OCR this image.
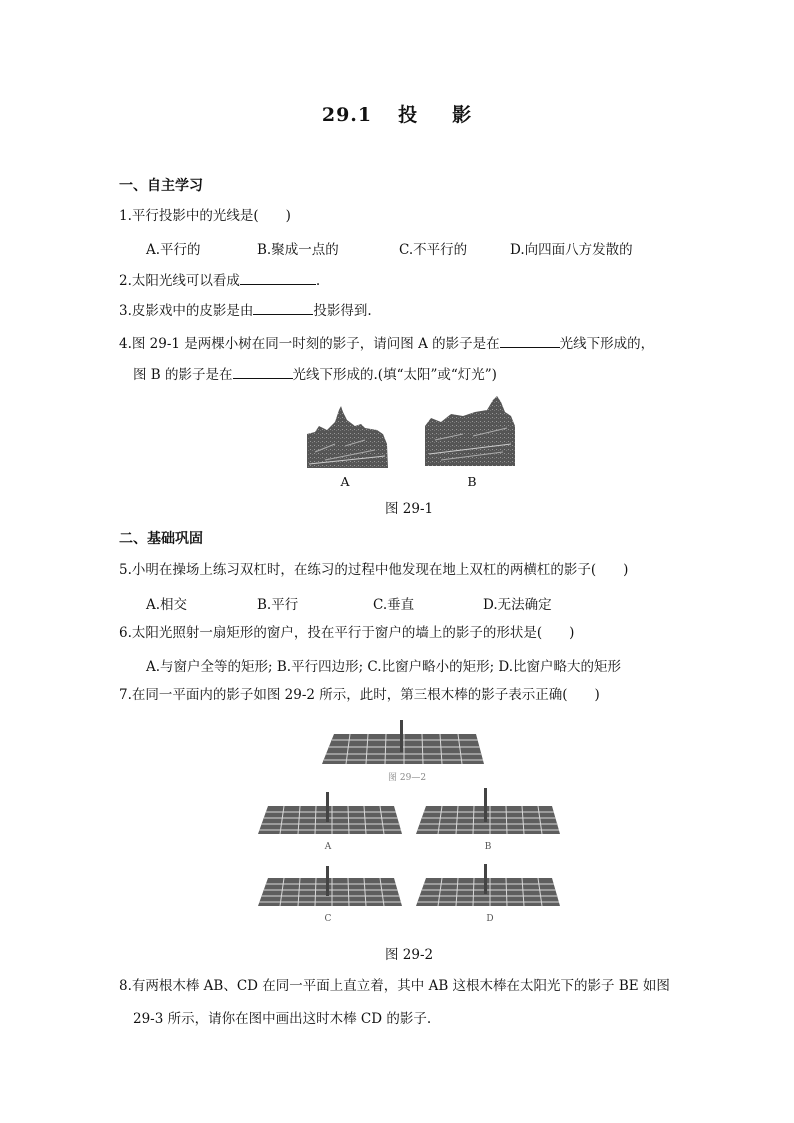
29.1 投 影
一、自主学习
1.平行投影中的光线是(　　)
A.平行的	B.聚成一点的	C.不平行的	D.向四面八方发散的
2.太阳光线可以看成	.
3.皮影戏中的皮影是由	投影得到.
4.图 29-1 是两棵小树在同一时刻的影子，请问图 A 的影子是在	光线下形成的，
图 B 的影子是在	光线下形成的.(填“太阳”或“灯光”)
A	B
图 29-1
二、基础巩固
5.小明在操场上练习双杠时，在练习的过程中他发现在地上双杠的两横杠的影子(　　)
A.相交	B.平行	C.垂直	D.无法确定
6.太阳光照射一扇矩形的窗户，投在平行于窗户的墙上的影子的形状是(　　)
A.与窗户全等的矩形; B.平行四边形; C.比窗户略小的矩形; D.比窗户略大的矩形
7.在同一平面内的影子如图 29-2 所示，此时，第三根木棒的影子表示正确(　　)
图 29—2
A	B
C	D
图 29-2
8.有两根木棒 AB、CD 在同一平面上直立着，其中 AB 这根木棒在太阳光下的影子 BE 如图
29-3 所示，请你在图中画出这时木棒 CD 的影子.
